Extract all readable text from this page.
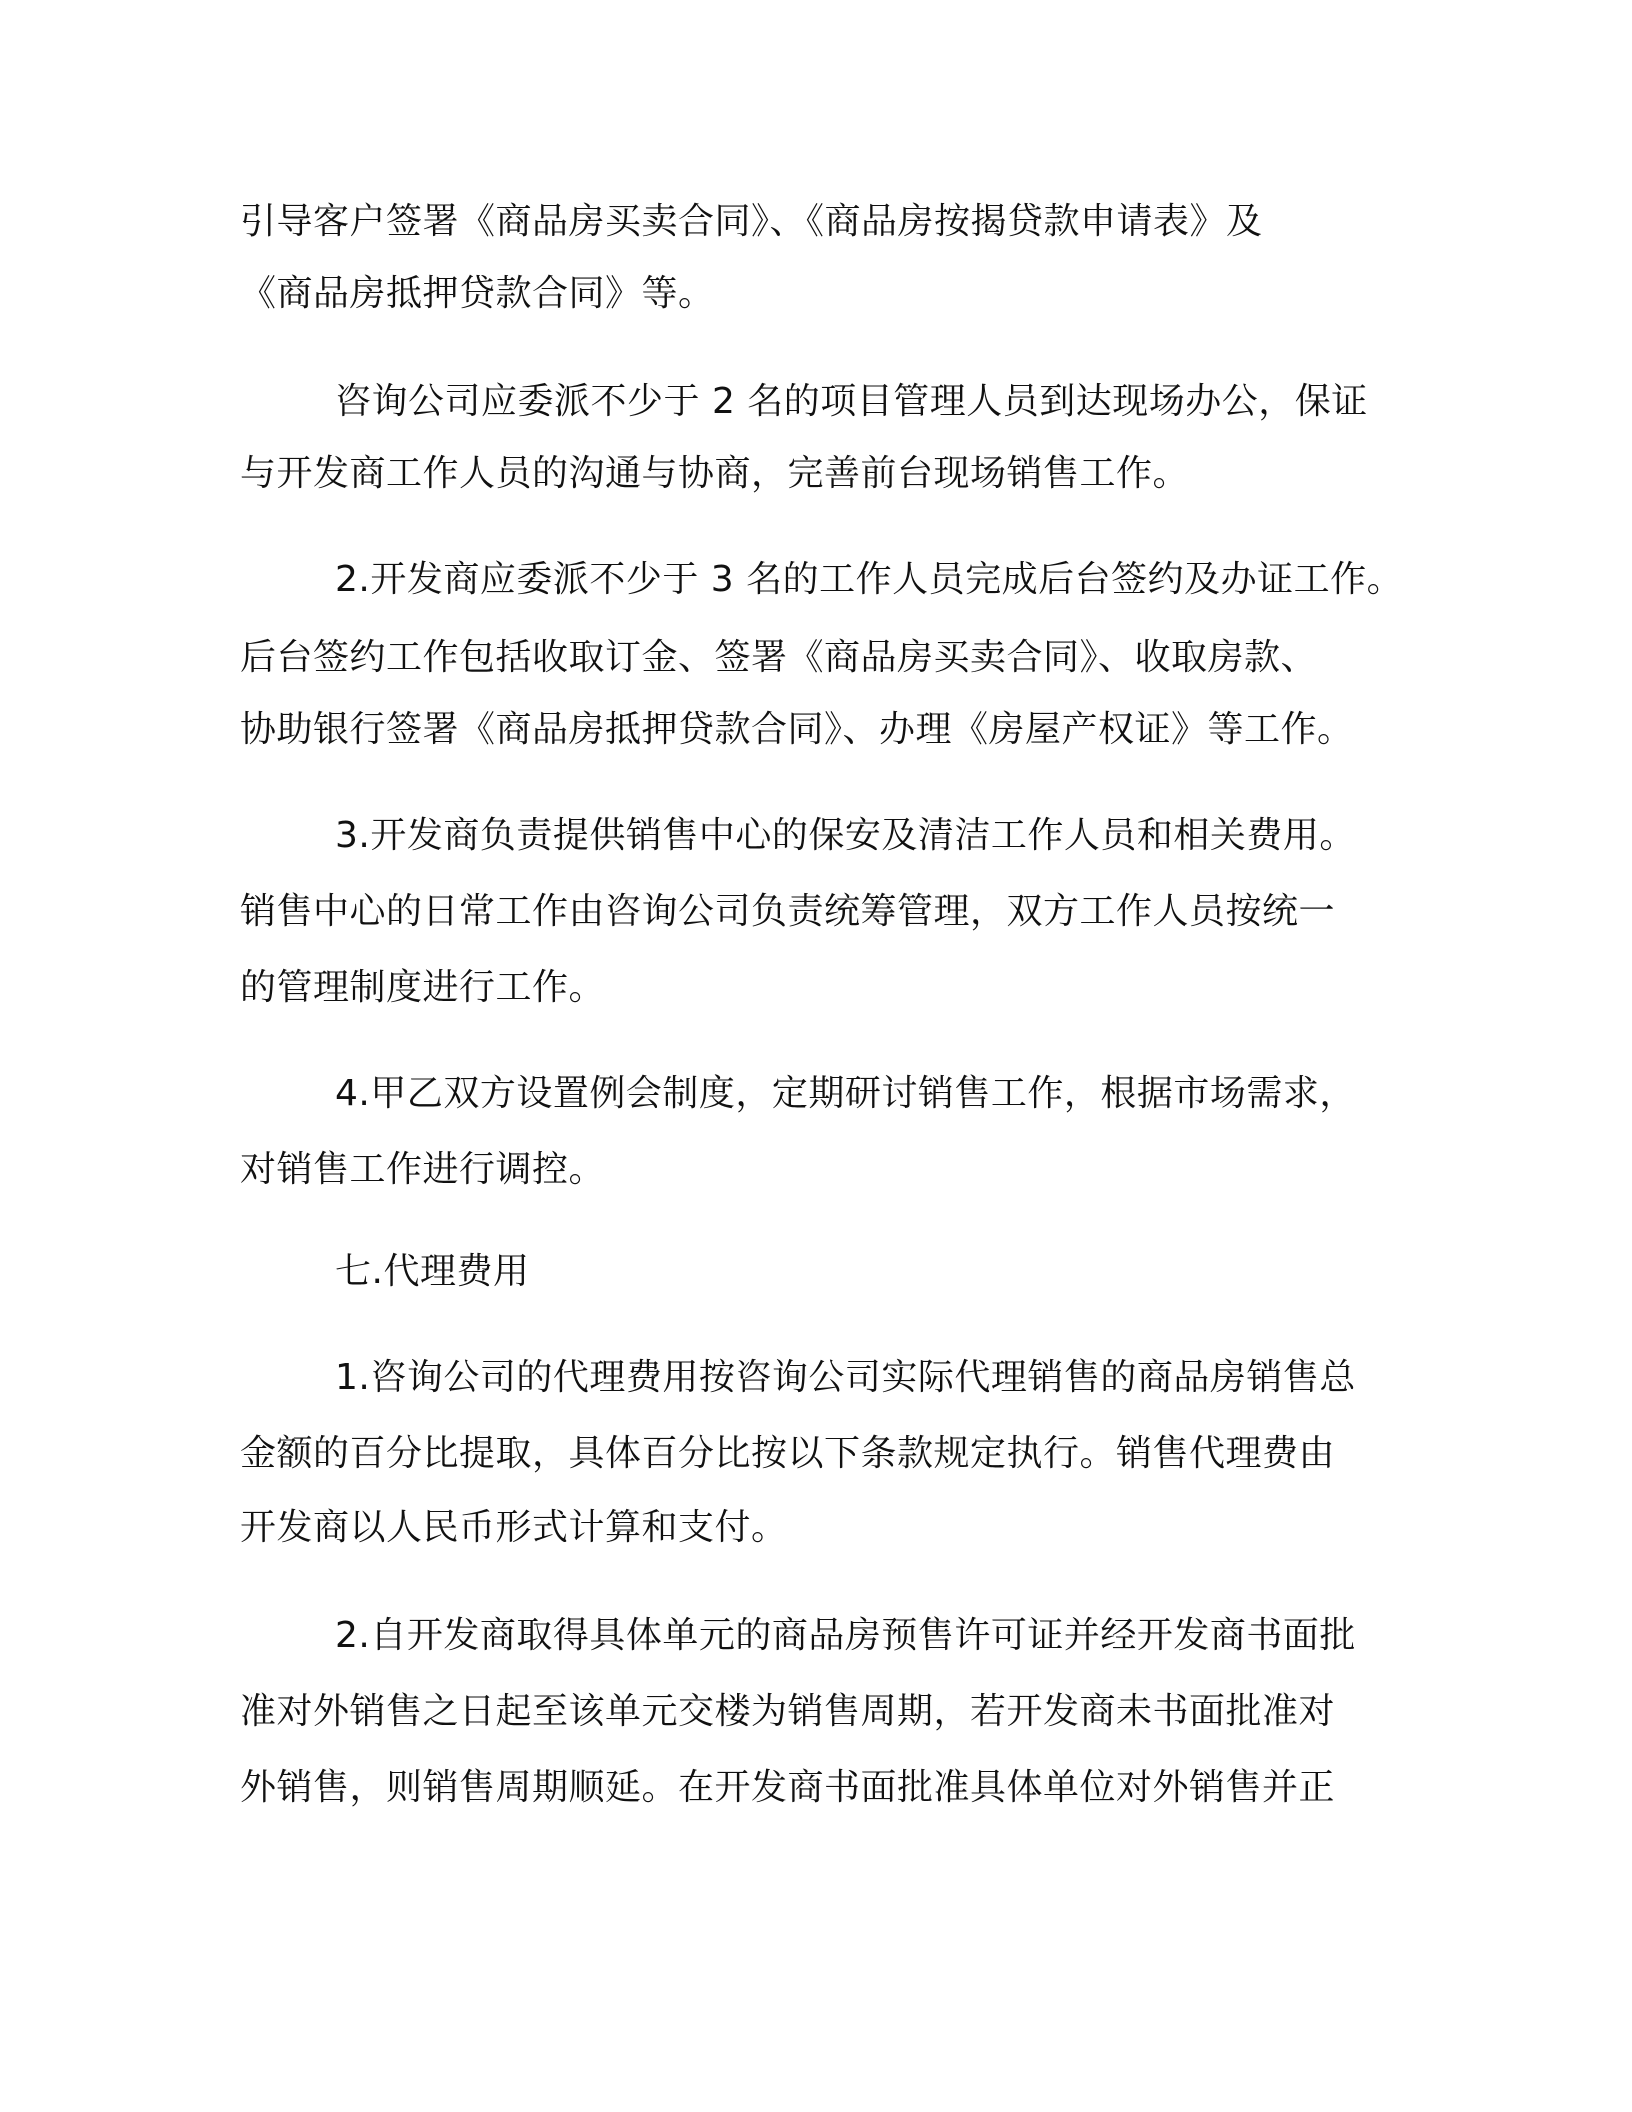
引导客户签署《商品房买卖合同》、《商品房按揭贷款申请表》及
《商品房抵押贷款合同》等。
咨询公司应委派不少于 2 名的项目管理人员到达现场办公，保证
与开发商工作人员的沟通与协商，完善前台现场销售工作。
2.开发商应委派不少于 3 名的工作人员完成后台签约及办证工作。
后台签约工作包括收取订金、签署《商品房买卖合同》、收取房款、
协助银行签署《商品房抵押贷款合同》、办理《房屋产权证》等工作。
3.开发商负责提供销售中心的保安及清洁工作人员和相关费用。
销售中心的日常工作由咨询公司负责统筹管理，双方工作人员按统一
的管理制度进行工作。
4.甲乙双方设置例会制度，定期研讨销售工作，根据市场需求，
对销售工作进行调控。
七.代理费用
1.咨询公司的代理费用按咨询公司实际代理销售的商品房销售总
金额的百分比提取，具体百分比按以下条款规定执行。销售代理费由
开发商以人民币形式计算和支付。
2.自开发商取得具体单元的商品房预售许可证并经开发商书面批
准对外销售之日起至该单元交楼为销售周期，若开发商未书面批准对
外销售，则销售周期顺延。在开发商书面批准具体单位对外销售并正
